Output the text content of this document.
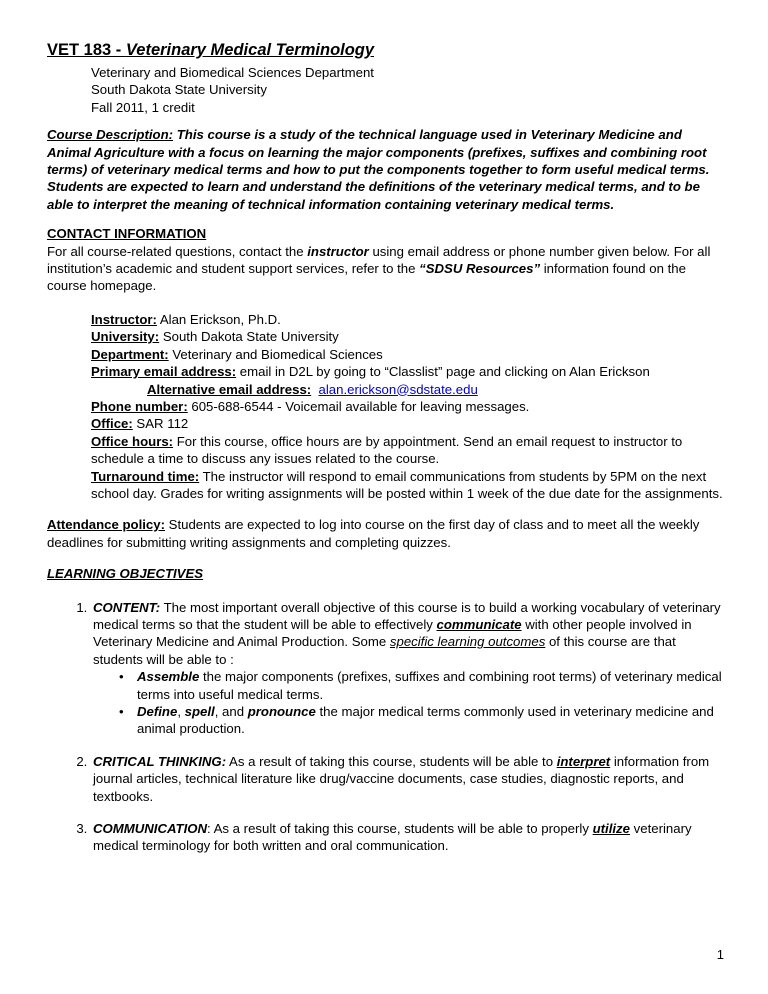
VET 183 - Veterinary Medical Terminology
Veterinary and Biomedical Sciences Department
South Dakota State University
Fall 2011, 1 credit

Course Description: This course is a study of the technical language used in Veterinary Medicine and Animal Agriculture with a focus on learning the major components (prefixes, suffixes and combining root terms) of veterinary medical terms and how to put the components together to form useful medical terms. Students are expected to learn and understand the definitions of the veterinary medical terms, and to be able to interpret the meaning of technical information containing veterinary medical terms.

CONTACT INFORMATION
For all course-related questions, contact the instructor using email address or phone number given below. For all institution’s academic and student support services, refer to the “SDSU Resources” information found on the course homepage.
Instructor: Alan Erickson, Ph.D.
University: South Dakota State University
Department: Veterinary and Biomedical Sciences
Primary email address: email in D2L by going to “Classlist” page and clicking on Alan Erickson
Alternative email address: alan.erickson@sdstate.edu
Phone number: 605-688-6544 - Voicemail available for leaving messages.
Office: SAR 112
Office hours: For this course, office hours are by appointment. Send an email request to instructor to schedule a time to discuss any issues related to the course.
Turnaround time: The instructor will respond to email communications from students by 5PM on the next school day. Grades for writing assignments will be posted within 1 week of the due date for the assignments.
Attendance policy: Students are expected to log into course on the first day of class and to meet all the weekly deadlines for submitting writing assignments and completing quizzes.
LEARNING OBJECTIVES
1. CONTENT: The most important overall objective of this course is to build a working vocabulary of veterinary medical terms so that the student will be able to effectively communicate with other people involved in Veterinary Medicine and Animal Production. Some specific learning outcomes of this course are that students will be able to :
• Assemble the major components (prefixes, suffixes and combining root terms) of veterinary medical terms into useful medical terms.
• Define, spell, and pronounce the major medical terms commonly used in veterinary medicine and animal production.
2. CRITICAL THINKING: As a result of taking this course, students will be able to interpret information from journal articles, technical literature like drug/vaccine documents, case studies, diagnostic reports, and textbooks.
3. COMMUNICATION: As a result of taking this course, students will be able to properly utilize veterinary medical terminology for both written and oral communication.
1
